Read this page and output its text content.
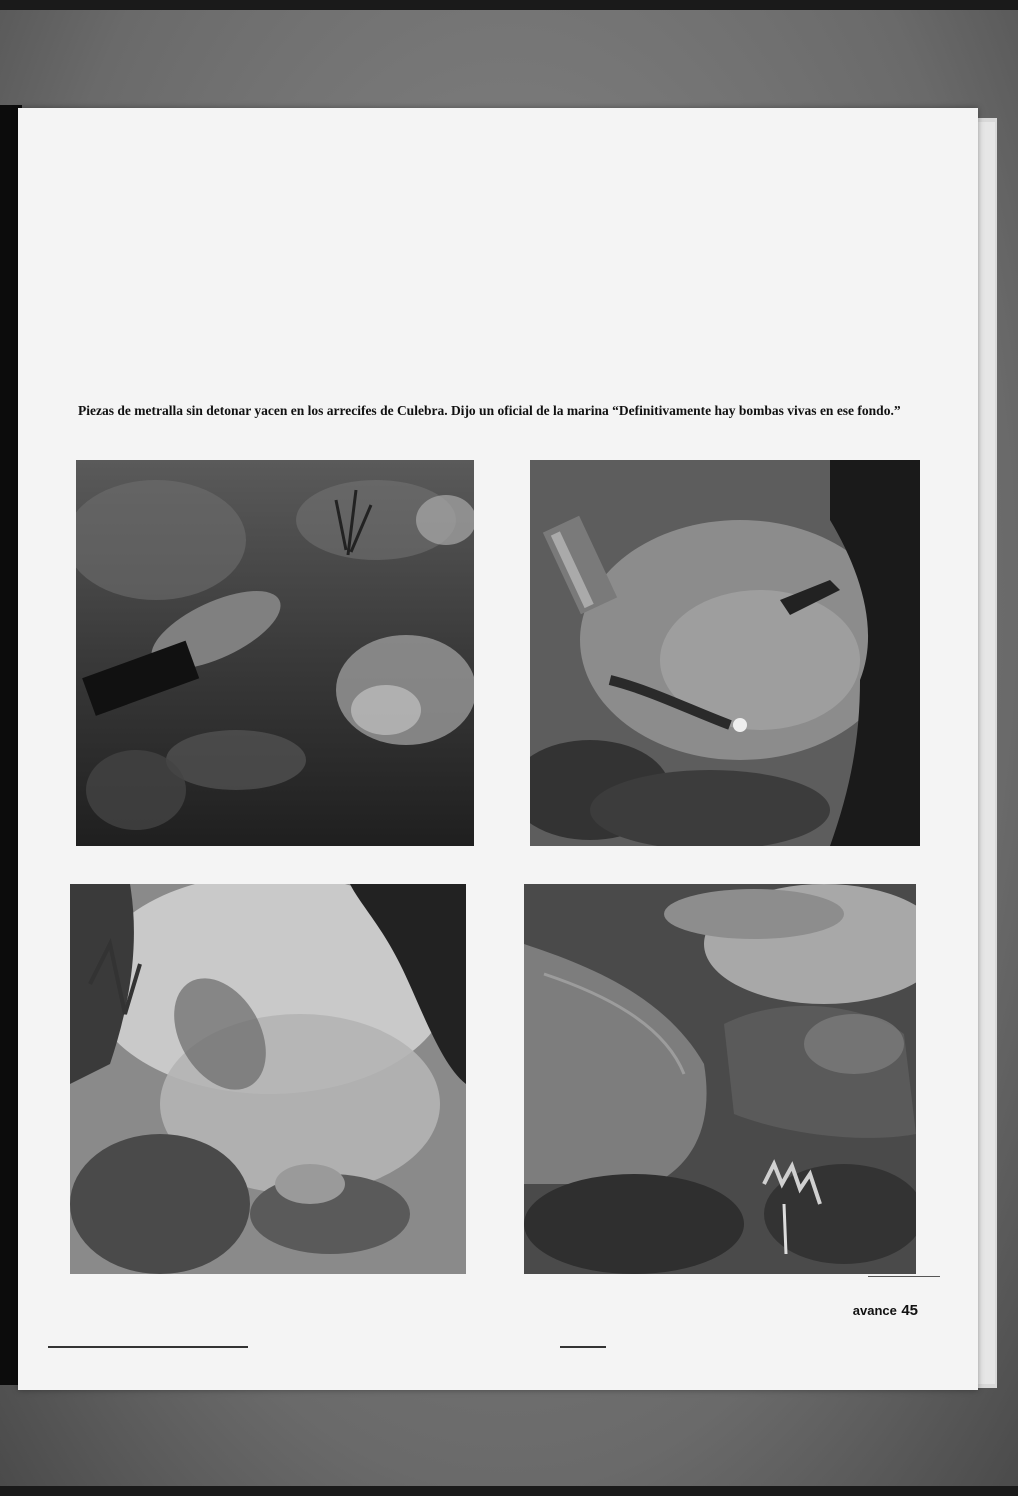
Piezas de metralla sin detonar yacen en los arrecifes de Culebra. Dijo un oficial de la marina “Definitivamente hay bombas vivas en ese fondo.”

avance 45
